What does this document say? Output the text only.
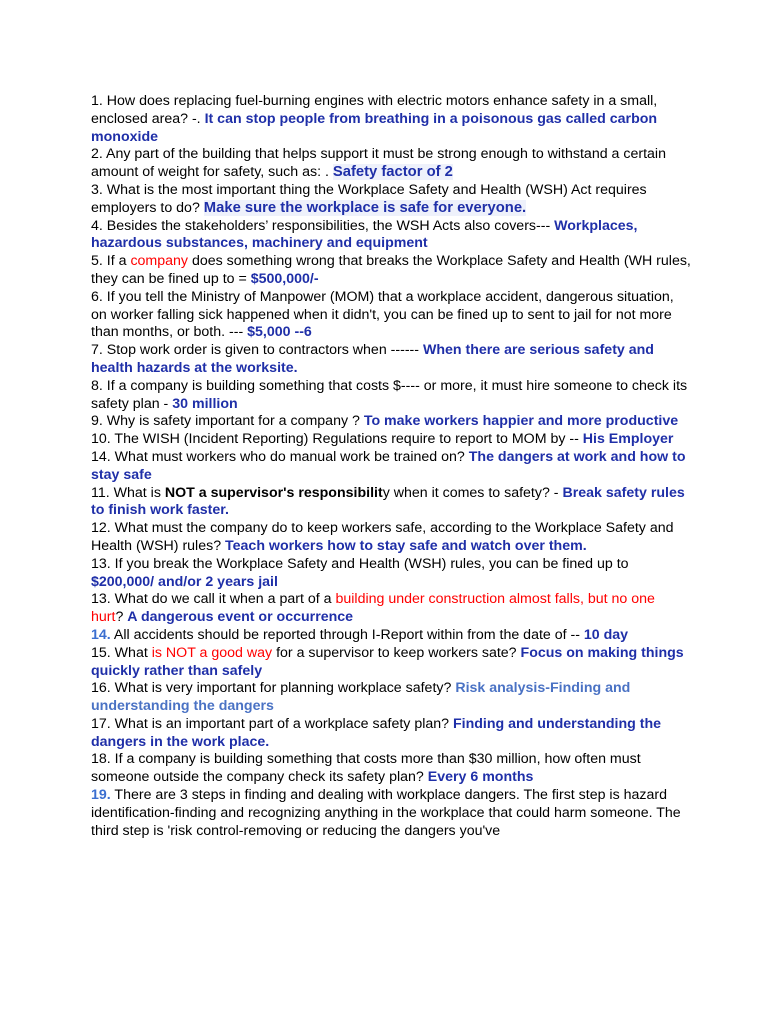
1. How does replacing fuel-burning engines with electric motors enhance safety in a small, enclosed area? -. It can stop people from breathing in a poisonous gas called carbon monoxide

2. Any part of the building that helps support it must be strong enough to withstand a certain amount of weight for safety, such as: . Safety factor of 2

3. What is the most important thing the Workplace Safety and Health (WSH) Act requires employers to do? Make sure the workplace is safe for everyone.

4. Besides the stakeholders’ responsibilities, the WSH Acts also covers--- Workplaces, hazardous substances, machinery and equipment

5. If a company does something wrong that breaks the Workplace Safety and Health (WH rules, they can be fined up to = $500,000/-

6. If you tell the Ministry of Manpower (MOM) that a workplace accident, dangerous situation, on worker falling sick happened when it didn't, you can be fined up to sent to jail for not more than months, or both. --- $5,000 --6

7. Stop work order is given to contractors when ------ When there are serious safety and health hazards at the worksite.

8. If a company is building something that costs $---- or more, it must hire someone to check its safety plan - 30 million

9. Why is safety important for a company ? To make workers happier and more productive

10. The WISH (Incident Reporting) Regulations require to report to MOM by -- His Employer

14. What must workers who do manual work be trained on? The dangers at work and how to stay safe

11. What is NOT a supervisor's responsibility when it comes to safety? - Break safety rules to finish work faster.

12. What must the company do to keep workers safe, according to the Workplace Safety and Health (WSH) rules? Teach workers how to stay safe and watch over them.

13. If you break the Workplace Safety and Health (WSH) rules, you can be fined up to $200,000/ and/or 2 years jail

13. What do we call it when a part of a building under construction almost falls, but no one hurt? A dangerous event or occurrence

14. All accidents should be reported through I-Report within from the date of -- 10 day

15. What is NOT a good way for a supervisor to keep workers sate? Focus on making things quickly rather than safely

16. What is very important for planning workplace safety? Risk analysis-Finding and understanding the dangers

17. What is an important part of a workplace safety plan? Finding and understanding the dangers in the work place.

18. If a company is building something that costs more than $30 million, how often must someone outside the company check its safety plan? Every 6 months

19. There are 3 steps in finding and dealing with workplace dangers. The first step is hazard identification-finding and recognizing anything in the workplace that could harm someone. The third step is 'risk control-removing or reducing the dangers you've
